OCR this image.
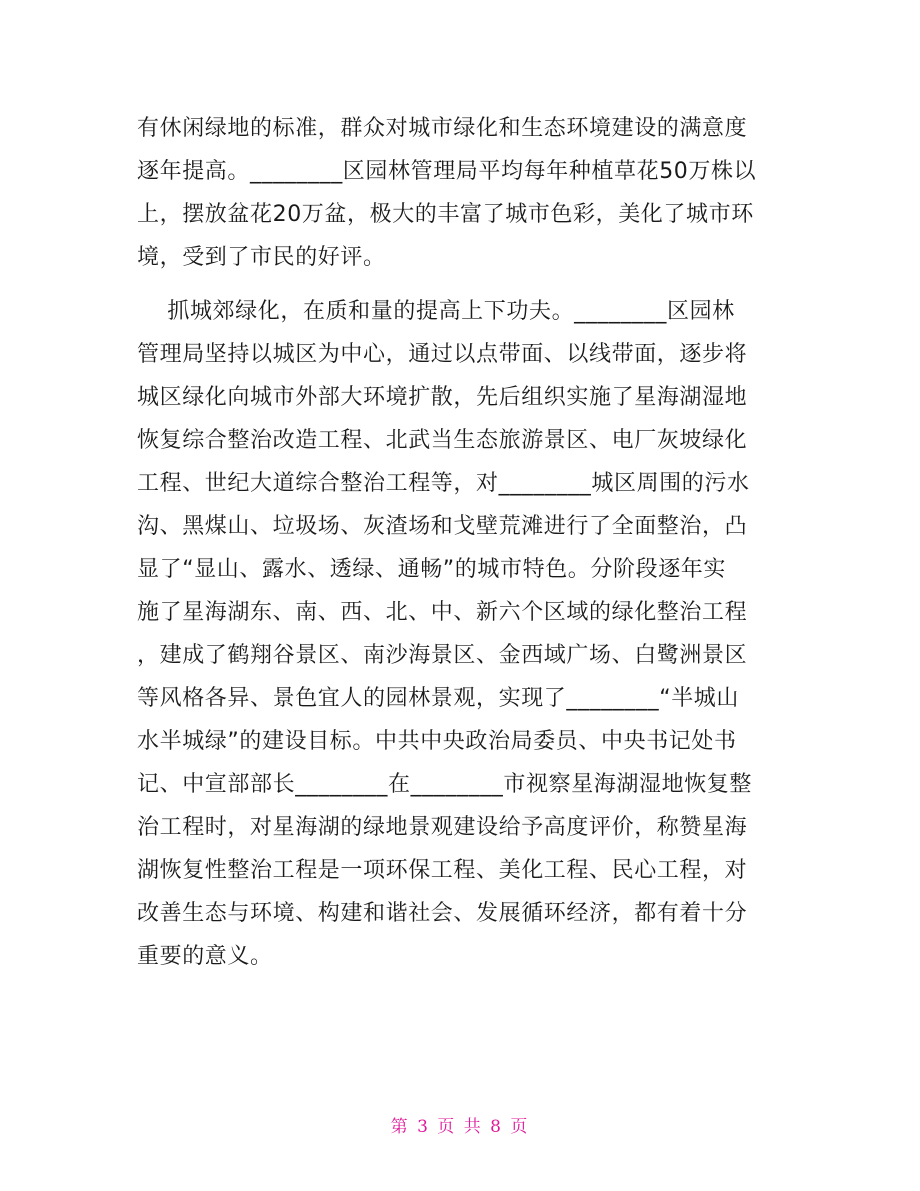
有休闲绿地的标准，群众对城市绿化和生态环境建设的满意度
逐年提高。________区园林管理局平均每年种植草花50万株以
上，摆放盆花20万盆，极大的丰富了城市色彩，美化了城市环
境，受到了市民的好评。
抓城郊绿化，在质和量的提高上下功夫。________区园林
管理局坚持以城区为中心，通过以点带面、以线带面，逐步将
城区绿化向城市外部大环境扩散，先后组织实施了星海湖湿地
恢复综合整治改造工程、北武当生态旅游景区、电厂灰坡绿化
工程、世纪大道综合整治工程等，对________城区周围的污水
沟、黑煤山、垃圾场、灰渣场和戈壁荒滩进行了全面整治，凸
显了“显山、露水、透绿、通畅”的城市特色。分阶段逐年实
施了星海湖东、南、西、北、中、新六个区域的绿化整治工程
，建成了鹤翔谷景区、南沙海景区、金西域广场、白鹭洲景区
等风格各异、景色宜人的园林景观，实现了________“半城山
水半城绿”的建设目标。中共中央政治局委员、中央书记处书
记、中宣部部长________在________市视察星海湖湿地恢复整
治工程时，对星海湖的绿地景观建设给予高度评价，称赞星海
湖恢复性整治工程是一项环保工程、美化工程、民心工程，对
改善生态与环境、构建和谐社会、发展循环经济，都有着十分
重要的意义。
第 3 页 共 8 页
